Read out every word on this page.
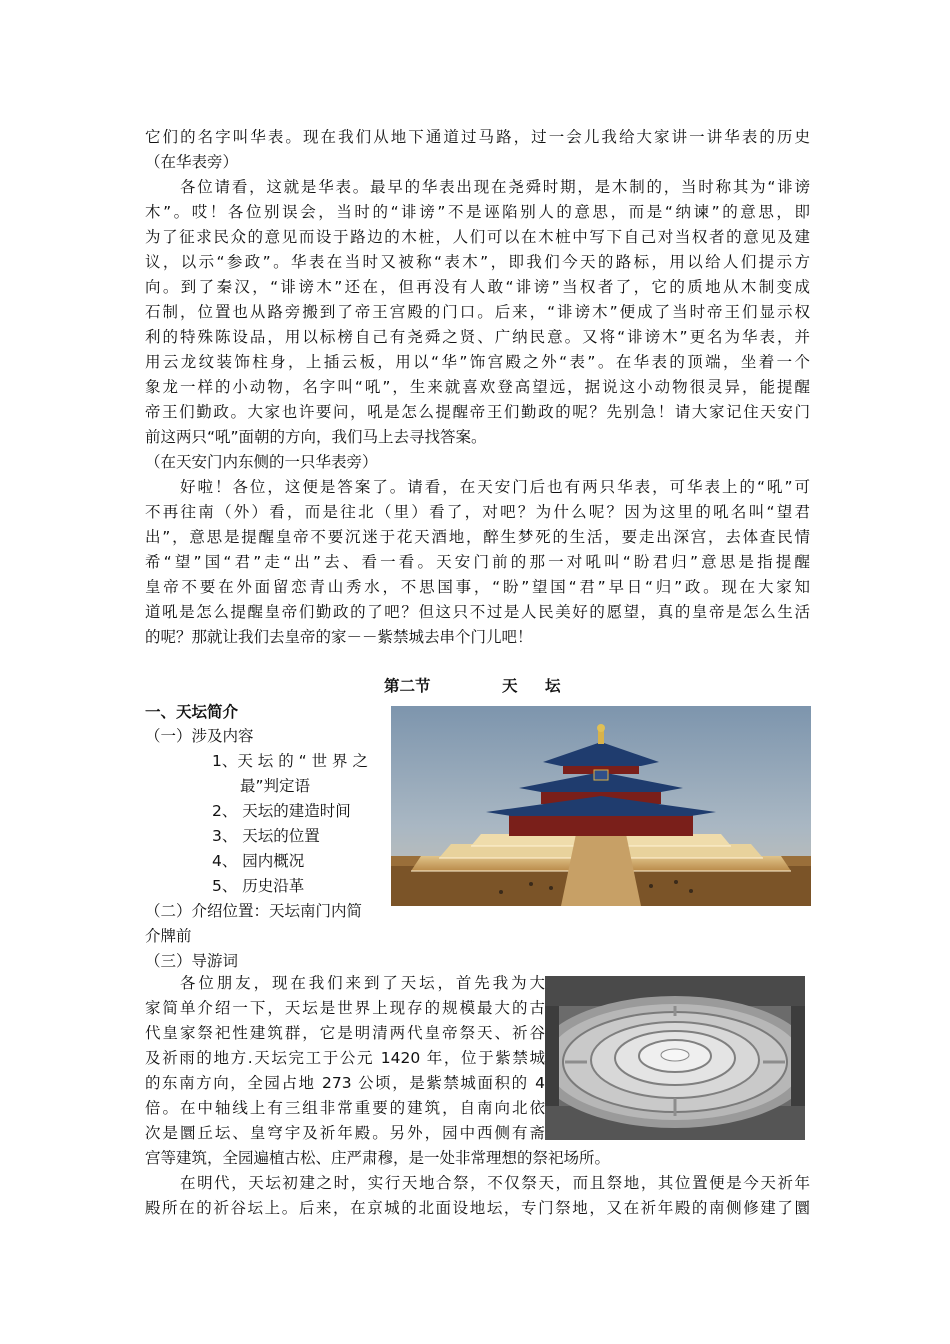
它们的名字叫华表。现在我们从地下通道过马路，过一会儿我给大家讲一讲华表的历史
（在华表旁）
各位请看，这就是华表。最早的华表出现在尧舜时期，是木制的，当时称其为“诽谤
木”。哎！各位别误会，当时的“诽谤”不是诬陷别人的意思，而是“纳谏”的意思，即
为了征求民众的意见而设于路边的木桩，人们可以在木桩中写下自己对当权者的意见及建
议，以示“参政”。华表在当时又被称“表木”，即我们今天的路标，用以给人们提示方
向。到了秦汉，“诽谤木”还在，但再没有人敢“诽谤”当权者了，它的质地从木制变成
石制，位置也从路旁搬到了帝王宫殿的门口。后来，“诽谤木”便成了当时帝王们显示权
利的特殊陈设品，用以标榜自己有尧舜之贤、广纳民意。又将“诽谤木”更名为华表，并
用云龙纹装饰柱身，上插云板，用以“华”饰宫殿之外“表”。在华表的顶端，坐着一个
象龙一样的小动物，名字叫“吼”，生来就喜欢登高望远，据说这小动物很灵异，能提醒
帝王们勤政。大家也许要问，吼是怎么提醒帝王们勤政的呢？先别急！请大家记住天安门
前这两只“吼”面朝的方向，我们马上去寻找答案。
（在天安门内东侧的一只华表旁）
好啦！各位，这便是答案了。请看，在天安门后也有两只华表，可华表上的“吼”可
不再往南（外）看，而是往北（里）看了，对吧？为什么呢？因为这里的吼名叫“望君
出”，意思是提醒皇帝不要沉迷于花天酒地，醉生梦死的生活，要走出深宫，去体查民情
希“望”国“君”走“出”去、看一看。天安门前的那一对吼叫“盼君归”意思是指提醒
皇帝不要在外面留恋青山秀水，不思国事，“盼”望国“君”早日“归”政。现在大家知
道吼是怎么提醒皇帝们勤政的了吧？但这只不过是人民美好的愿望，真的皇帝是怎么生活
的呢？那就让我们去皇帝的家－－紫禁城去串个门儿吧！
第二节	天 坛
一、天坛简介
（一）涉及内容
1、天 坛 的 “ 世 界 之
最”判定语
2、 天坛的建造时间
3、 天坛的位置
4、 园内概况
5、 历史沿革
（二）介绍位置：天坛南门内简
介牌前
（三）导游词
各位朋友，现在我们来到了天坛，首先我为大
家简单介绍一下，天坛是世界上现存的规模最大的古
代皇家祭祀性建筑群，它是明清两代皇帝祭天、祈谷
及祈雨的地方.天坛完工于公元 1420 年，位于紫禁城
的东南方向，全园占地 273 公顷，是紫禁城面积的 4
倍。在中轴线上有三组非常重要的建筑，自南向北依
次是圜丘坛、皇穹宇及祈年殿。另外，园中西侧有斋
宫等建筑，全园遍植古松、庄严肃穆，是一处非常理想的祭祀场所。
在明代，天坛初建之时，实行天地合祭，不仅祭天，而且祭地，其位置便是今天祈年
殿所在的祈谷坛上。后来，在京城的北面设地坛，专门祭地，又在祈年殿的南侧修建了圜
